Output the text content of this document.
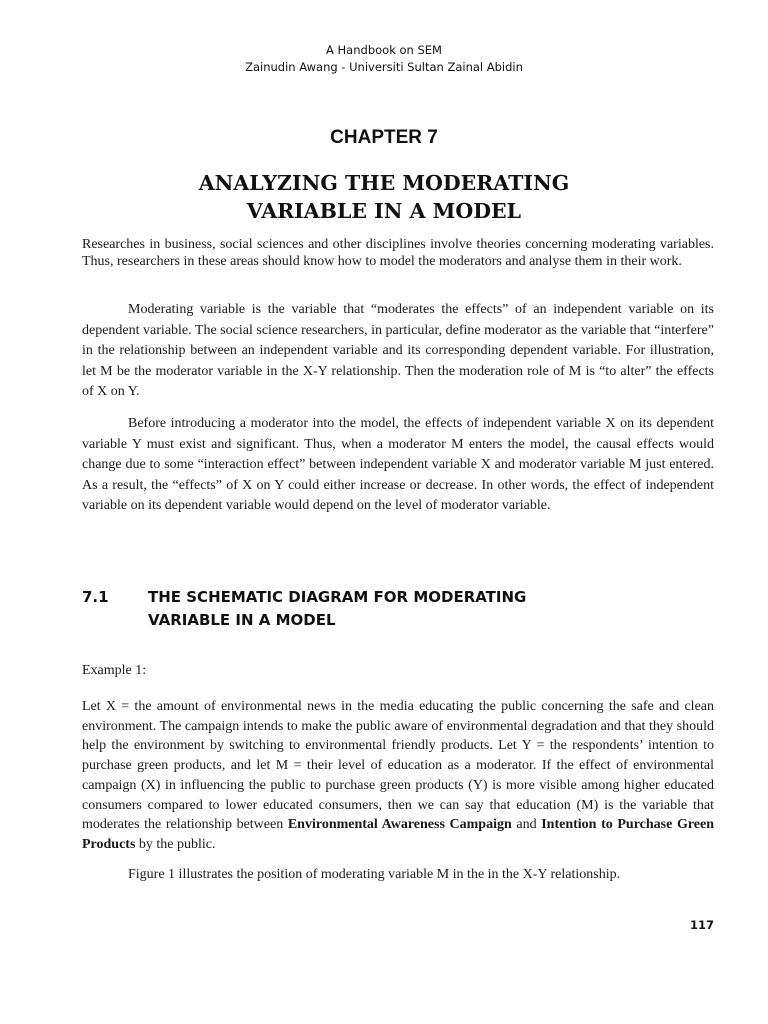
A Handbook on SEM
Zainudin Awang - Universiti Sultan Zainal Abidin
CHAPTER 7
ANALYZING THE MODERATING
VARIABLE IN A MODEL

Researches in business, social sciences and other disciplines involve theories concerning moderating variables. Thus, researchers in these areas should know how to model the moderators and analyse them in their work.

Moderating variable is the variable that “moderates the effects” of an independent variable on its dependent variable. The social science researchers, in particular, define moderator as the variable that “interfere” in the relationship between an independent variable and its corresponding dependent variable. For illustration, let M be the moderator variable in the X-Y relationship. Then the moderation role of M is “to alter” the effects of X on Y.

Before introducing a moderator into the model, the effects of independent variable X on its dependent variable Y must exist and significant. Thus, when a moderator M enters the model, the causal effects would change due to some “interaction effect” between independent variable X and moderator variable M just entered. As a result, the “effects” of X on Y could either increase or decrease. In other words, the effect of independent variable on its dependent variable would depend on the level of moderator variable.

7.1	THE SCHEMATIC DIAGRAM FOR MODERATING
VARIABLE IN A MODEL

Example 1:

Let X = the amount of environmental news in the media educating the public concerning the safe and clean environment. The campaign intends to make the public aware of environmental degradation and that they should help the environment by switching to environmental friendly products. Let Y = the respondents’ intention to purchase green products, and let M = their level of education as a moderator. If the effect of environmental campaign (X) in influencing the public to purchase green products (Y) is more visible among higher educated consumers compared to lower educated consumers, then we can say that education (M) is the variable that moderates the relationship between Environmental Awareness Campaign and Intention to Purchase Green Products by the public.

Figure 1 illustrates the position of moderating variable M in the in the X-Y relationship.

117
